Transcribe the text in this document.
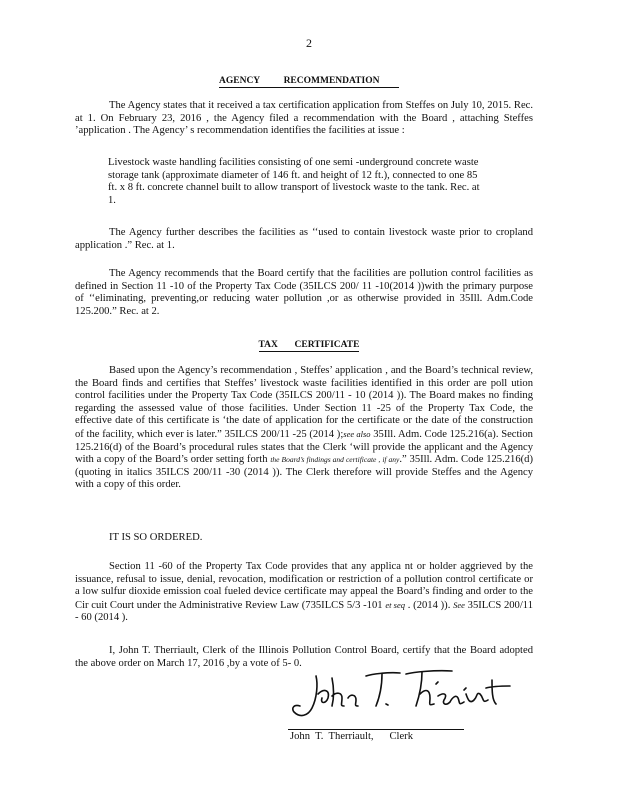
2
AGENCY          RECOMMENDATION
The Agency states that it received a tax certification application from Steffes on July 10, 2015. Rec. at 1. On February 23, 2016 , the Agency filed a recommendation with the Board , attaching Steffes ’application . The Agency’ s recommendation identifies the facilities at issue :
Livestock waste handling facilities consisting of one semi -underground concrete waste storage tank (approximate diameter of 146 ft. and height of 12 ft.), connected to one 85 ft. x 8 ft. concrete channel built to allow transport of livestock waste to the tank. Rec. at 1.
The Agency further describes the facilities as ‘‘used to contain livestock waste prior to cropland application .” Rec. at 1.
The Agency recommends that the Board certify that the facilities are pollution control facilities as defined in Section 11 -10 of the Property Tax Code (35ILCS 200/ 11 -10(2014 ))with the primary purpose of ‘‘eliminating, preventing,or reducing water pollution ,or as otherwise provided in 35Ill. Adm.Code 125.200.” Rec. at 2.
TAX       CERTIFICATE
Based upon the Agency’s recommendation , Steffes’ application , and the Board’s technical review, the Board finds and certifies that Steffes’ livestock waste facilities identified in this order are poll ution control facilities under the Property Tax Code (35ILCS 200/11 - 10 (2014 )). The Board makes no finding regarding the assessed value of those facilities. Under Section 11 -25 of the Property Tax Code, the effective date of this certificate is ‘the date of application for the certificate or the date of the construction of the facility, which ever is later.” 35ILCS 200/11 -25 (2014 );see also 35Ill. Adm. Code 125.216(a). Section 125.216(d) of the Board’s procedural rules states that the Clerk ‘will provide the applicant and the Agency with a copy of the Board’s order setting forth the Board’s findings and certificate , if any.” 35Ill. Adm. Code 125.216(d) (quoting in italics 35ILCS 200/11 -30 (2014 )). The Clerk therefore will provide Steffes and the Agency with a copy of this order.
IT IS SO ORDERED.
Section 11 -60 of the Property Tax Code provides that any applica nt or holder aggrieved by the issuance, refusal to issue, denial, revocation, modification or restriction of a pollution control certificate or a low sulfur dioxide emission coal fueled device certificate may appeal the Board’s finding and order to the Cir cuit Court under the Administrative Review Law (735ILCS 5/3 -101 et seq . (2014 )). See 35ILCS 200/11 - 60 (2014 ).
I, John T. Therriault, Clerk of the Illinois Pollution Control Board, certify that the Board adopted the above order on March 17, 2016 ,by a vote of 5- 0.
John  T.  Therriault,      Clerk
